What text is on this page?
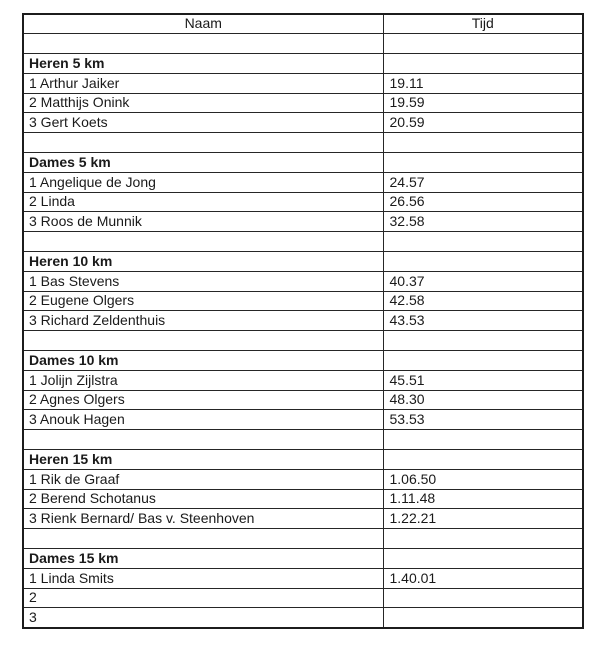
Naam	Tijd

Heren 5 km	
1 Arthur Jaiker	19.11
2 Matthijs Onink	19.59
3 Gert Koets	20.59

Dames 5 km	
1 Angelique de Jong	24.57
2 Linda	26.56
3 Roos de Munnik	32.58

Heren 10 km	
1 Bas Stevens	40.37
2 Eugene Olgers	42.58
3 Richard Zeldenthuis	43.53

Dames 10 km	
1 Jolijn Zijlstra	45.51
2 Agnes Olgers	48.30
3 Anouk Hagen	53.53

Heren 15 km	
1 Rik de Graaf	1.06.50
2 Berend Schotanus	1.11.48
3 Rienk Bernard/ Bas v. Steenhoven	1.22.21

Dames 15 km	
1 Linda Smits	1.40.01
2	
3	
